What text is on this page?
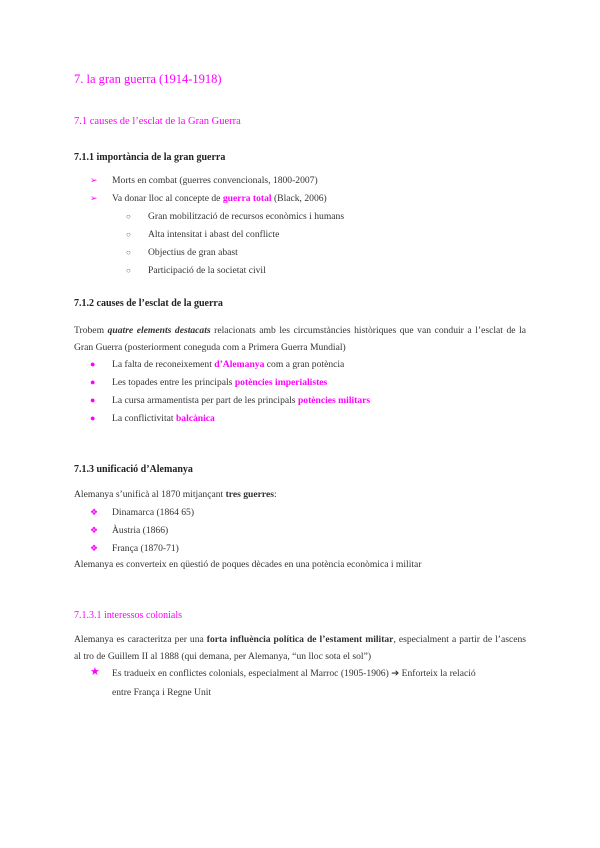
7. la gran guerra (1914-1918)
7.1 causes de l’esclat de la Gran Guerra
7.1.1 importància de la gran guerra
➢	Morts en combat (guerres convencionals, 1800-2007)
➢	Va donar lloc al concepte de guerra total (Black, 2006)
○	Gran mobilització de recursos econòmics i humans
○	Alta intensitat i abast del conflicte
○	Objectius de gran abast
○	Participació de la societat civil
7.1.2 causes de l’esclat de la guerra
Trobem quatre elements destacats relacionats amb les circumstàncies històriques que van conduir a l’esclat de la Gran Guerra (posteriorment coneguda com a Primera Guerra Mundial)
●	La falta de reconeixement d’Alemanya com a gran potència
●	Les topades entre les principals potències imperialistes
●	La cursa armamentista per part de les principals potències militars
●	La conflictivitat balcànica
7.1.3 unificació d’Alemanya
Alemanya s’unificà al 1870 mitjançant tres guerres:
❖	Dinamarca (1864 65)
❖	Àustria (1866)
❖	França (1870-71)
Alemanya es converteix en qüestió de poques dècades en una potència econòmica i militar
7.1.3.1 interessos colonials
Alemanya es caracteritza per una forta influència política de l’estament militar, especialment a partir de l’ascens al tro de Guillem II al 1888 (qui demana, per Alemanya, “un lloc sota el sol”)
★	Es tradueix en conflictes colonials, especialment al Marroc (1905-1906) ➔ Enforteix la relació
entre França i Regne Unit
